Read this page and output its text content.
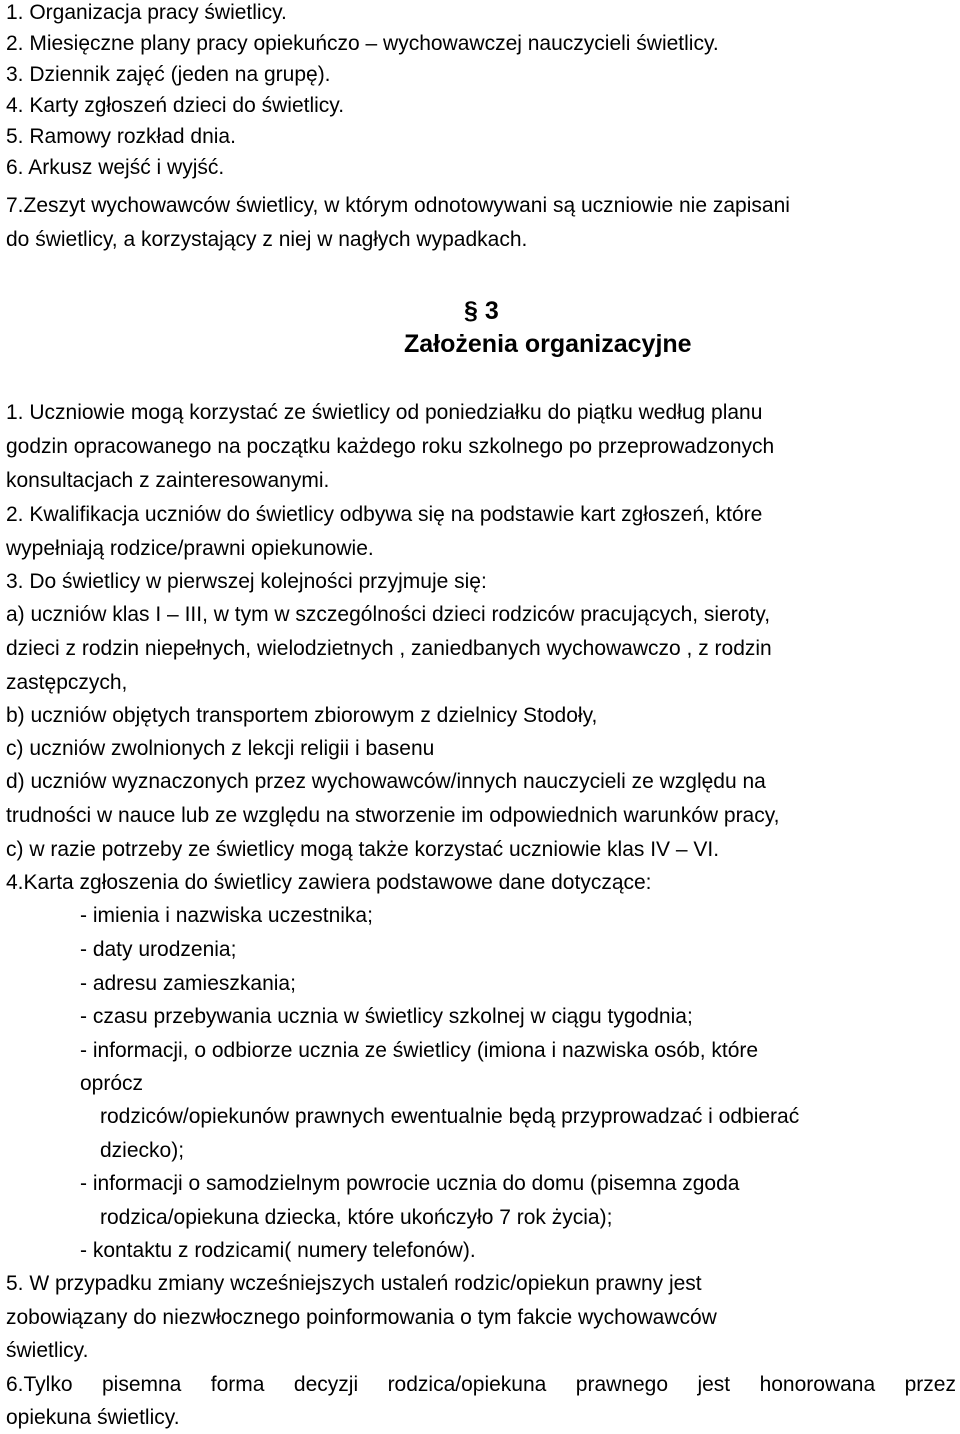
1. Organizacja pracy świetlicy.
2. Miesięczne plany pracy opiekuńczo – wychowawczej nauczycieli świetlicy.
3. Dziennik zajęć (jeden na grupę).
4. Karty zgłoszeń dzieci do świetlicy.
5. Ramowy rozkład dnia.
6. Arkusz wejść i wyjść.
7.Zeszyt wychowawców świetlicy, w którym odnotowywani są uczniowie nie zapisani
do świetlicy, a korzystający z niej w nagłych wypadkach.
§ 3
Założenia organizacyjne
1. Uczniowie mogą korzystać ze świetlicy od poniedziałku do piątku według planu
godzin opracowanego na początku każdego roku szkolnego po przeprowadzonych
konsultacjach z zainteresowanymi.
2. Kwalifikacja uczniów do świetlicy odbywa się na podstawie kart zgłoszeń, które
wypełniają rodzice/prawni opiekunowie.
3. Do świetlicy w pierwszej kolejności przyjmuje się:
a) uczniów klas I – III, w tym w szczególności dzieci rodziców pracujących, sieroty,
dzieci z rodzin niepełnych, wielodzietnych , zaniedbanych wychowawczo , z rodzin
zastępczych,
b) uczniów objętych transportem zbiorowym z dzielnicy Stodoły,
c) uczniów zwolnionych z lekcji religii i basenu
d) uczniów wyznaczonych przez wychowawców/innych nauczycieli ze względu na
trudności w nauce lub ze względu na stworzenie im odpowiednich warunków pracy,
c) w razie potrzeby ze świetlicy mogą także korzystać uczniowie klas IV – VI.
4.Karta zgłoszenia do świetlicy zawiera podstawowe dane dotyczące:
- imienia i nazwiska uczestnika;
- daty urodzenia;
- adresu zamieszkania;
- czasu przebywania ucznia w świetlicy szkolnej w ciągu tygodnia;
- informacji, o odbiorze ucznia ze świetlicy (imiona i nazwiska osób, które
oprócz
rodziców/opiekunów prawnych ewentualnie będą przyprowadzać i odbierać
dziecko);
- informacji o samodzielnym powrocie ucznia do domu (pisemna zgoda
rodzica/opiekuna dziecka, które ukończyło 7 rok życia);
- kontaktu z rodzicami( numery telefonów).
5. W przypadku zmiany wcześniejszych ustaleń rodzic/opiekun prawny jest
zobowiązany do niezwłocznego poinformowania o tym fakcie wychowawców
świetlicy.
6.Tylko pisemna forma decyzji rodzica/opiekuna prawnego jest honorowana przez
opiekuna świetlicy.
